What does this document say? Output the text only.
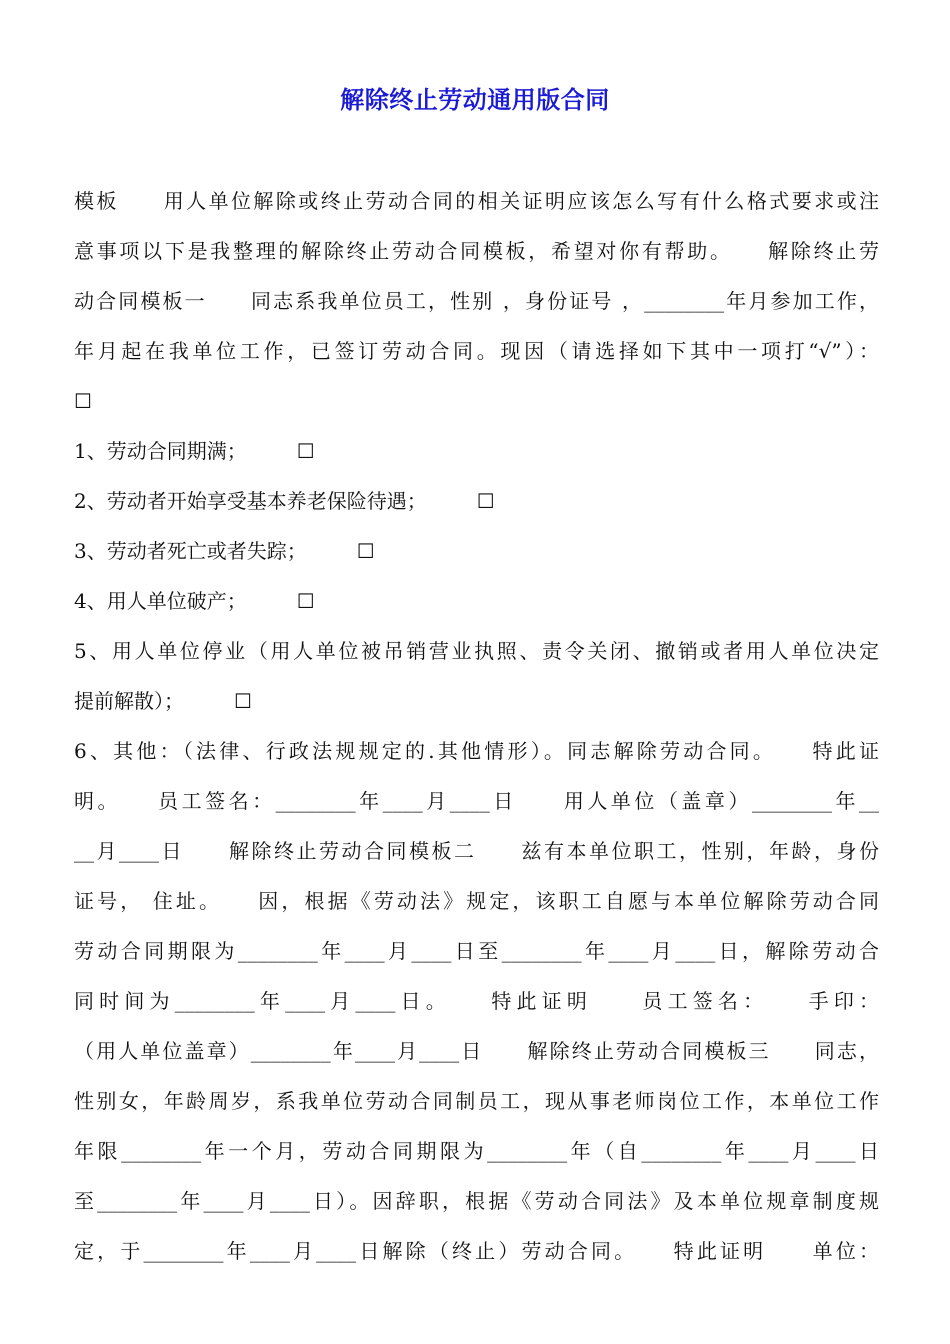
解除终止劳动通用版合同
模板　　用人单位解除或终止劳动合同的相关证明应该怎么写有什么格式要求或注
意事项以下是我整理的解除终止劳动合同模板，希望对你有帮助。　　解除终止劳
动合同模板一　　同志系我单位员工，性别 ，身份证号 ，________年月参加工作，
年月起在我单位工作，已签订劳动合同。现因（请选择如下其中一项打“√”）：
☐
1、劳动合同期满；　　　☐
2、劳动者开始享受基本养老保险待遇；　　　☐
3、劳动者死亡或者失踪；　　　☐
4、用人单位破产；　　　☐
5、用人单位停业（用人单位被吊销营业执照、责令关闭、撤销或者用人单位决定
提前解散）；　　　☐
6、其他：（法律、行政法规规定的.其他情形）。同志解除劳动合同。　　特此证
明。　　员工签名：________年____月____日　　用人单位（盖章）________年__
__月____日　　解除终止劳动合同模板二　　兹有本单位职工，性别，年龄，身份
证号， 住址。　　因，根据《劳动法》规定，该职工自愿与本单位解除劳动合同
劳动合同期限为________年____月____日至________年____月____日，解除劳动合
同时间为________年____月____日。　　特此证明　　员工签名：　　手印：
（用人单位盖章）________年____月____日　　解除终止劳动合同模板三　　同志，
性别女，年龄周岁，系我单位劳动合同制员工，现从事老师岗位工作，本单位工作
年限________年一个月，劳动合同期限为________年（自________年____月____日
至________年____月____日）。因辞职，根据《劳动合同法》及本单位规章制度规
定，于________年____月____日解除（终止）劳动合同。　　特此证明　　单位：
